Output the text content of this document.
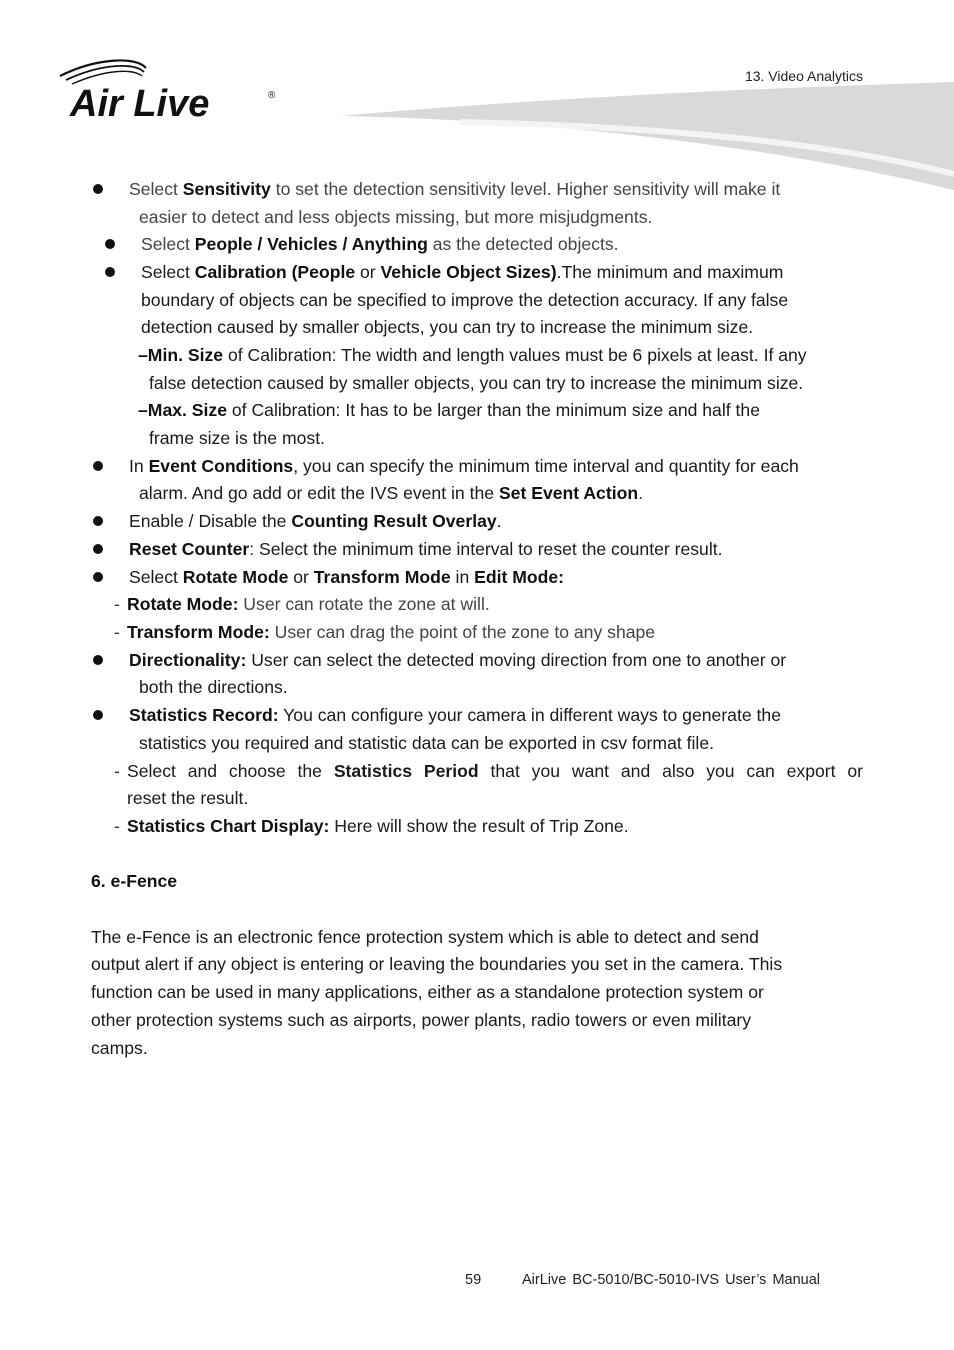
13. Video Analytics
Air Live	®
Select Sensitivity to set the detection sensitivity level. Higher sensitivity will make it
easier to detect and less objects missing, but more misjudgments.
Select People / Vehicles / Anything as the detected objects.
Select Calibration (People or Vehicle Object Sizes).The minimum and maximum
boundary of objects can be specified to improve the detection accuracy. If any false
detection caused by smaller objects, you can try to increase the minimum size.
–Min. Size of Calibration: The width and length values must be 6 pixels at least. If any
false detection caused by smaller objects, you can try to increase the minimum size.
–Max. Size of Calibration: It has to be larger than the minimum size and half the
frame size is the most.
In Event Conditions, you can specify the minimum time interval and quantity for each
alarm. And go add or edit the IVS event in the Set Event Action.
Enable / Disable the Counting Result Overlay.
Reset Counter: Select the minimum time interval to reset the counter result.
Select Rotate Mode or Transform Mode in Edit Mode:
- Rotate Mode: User can rotate the zone at will.
- Transform Mode: User can drag the point of the zone to any shape
Directionality: User can select the detected moving direction from one to another or
both the directions.
Statistics Record: You can configure your camera in different ways to generate the
statistics you required and statistic data can be exported in csv format file.
- Select and choose the Statistics Period that you want and also you can export or
reset the result.
- Statistics Chart Display: Here will show the result of Trip Zone.
6. e-Fence
The e-Fence is an electronic fence protection system which is able to detect and send
output alert if any object is entering or leaving the boundaries you set in the camera. This
function can be used in many applications, either as a standalone protection system or
other protection systems such as airports, power plants, radio towers or even military
camps.
59	AirLive BC-5010/BC-5010-IVS User’s Manual
